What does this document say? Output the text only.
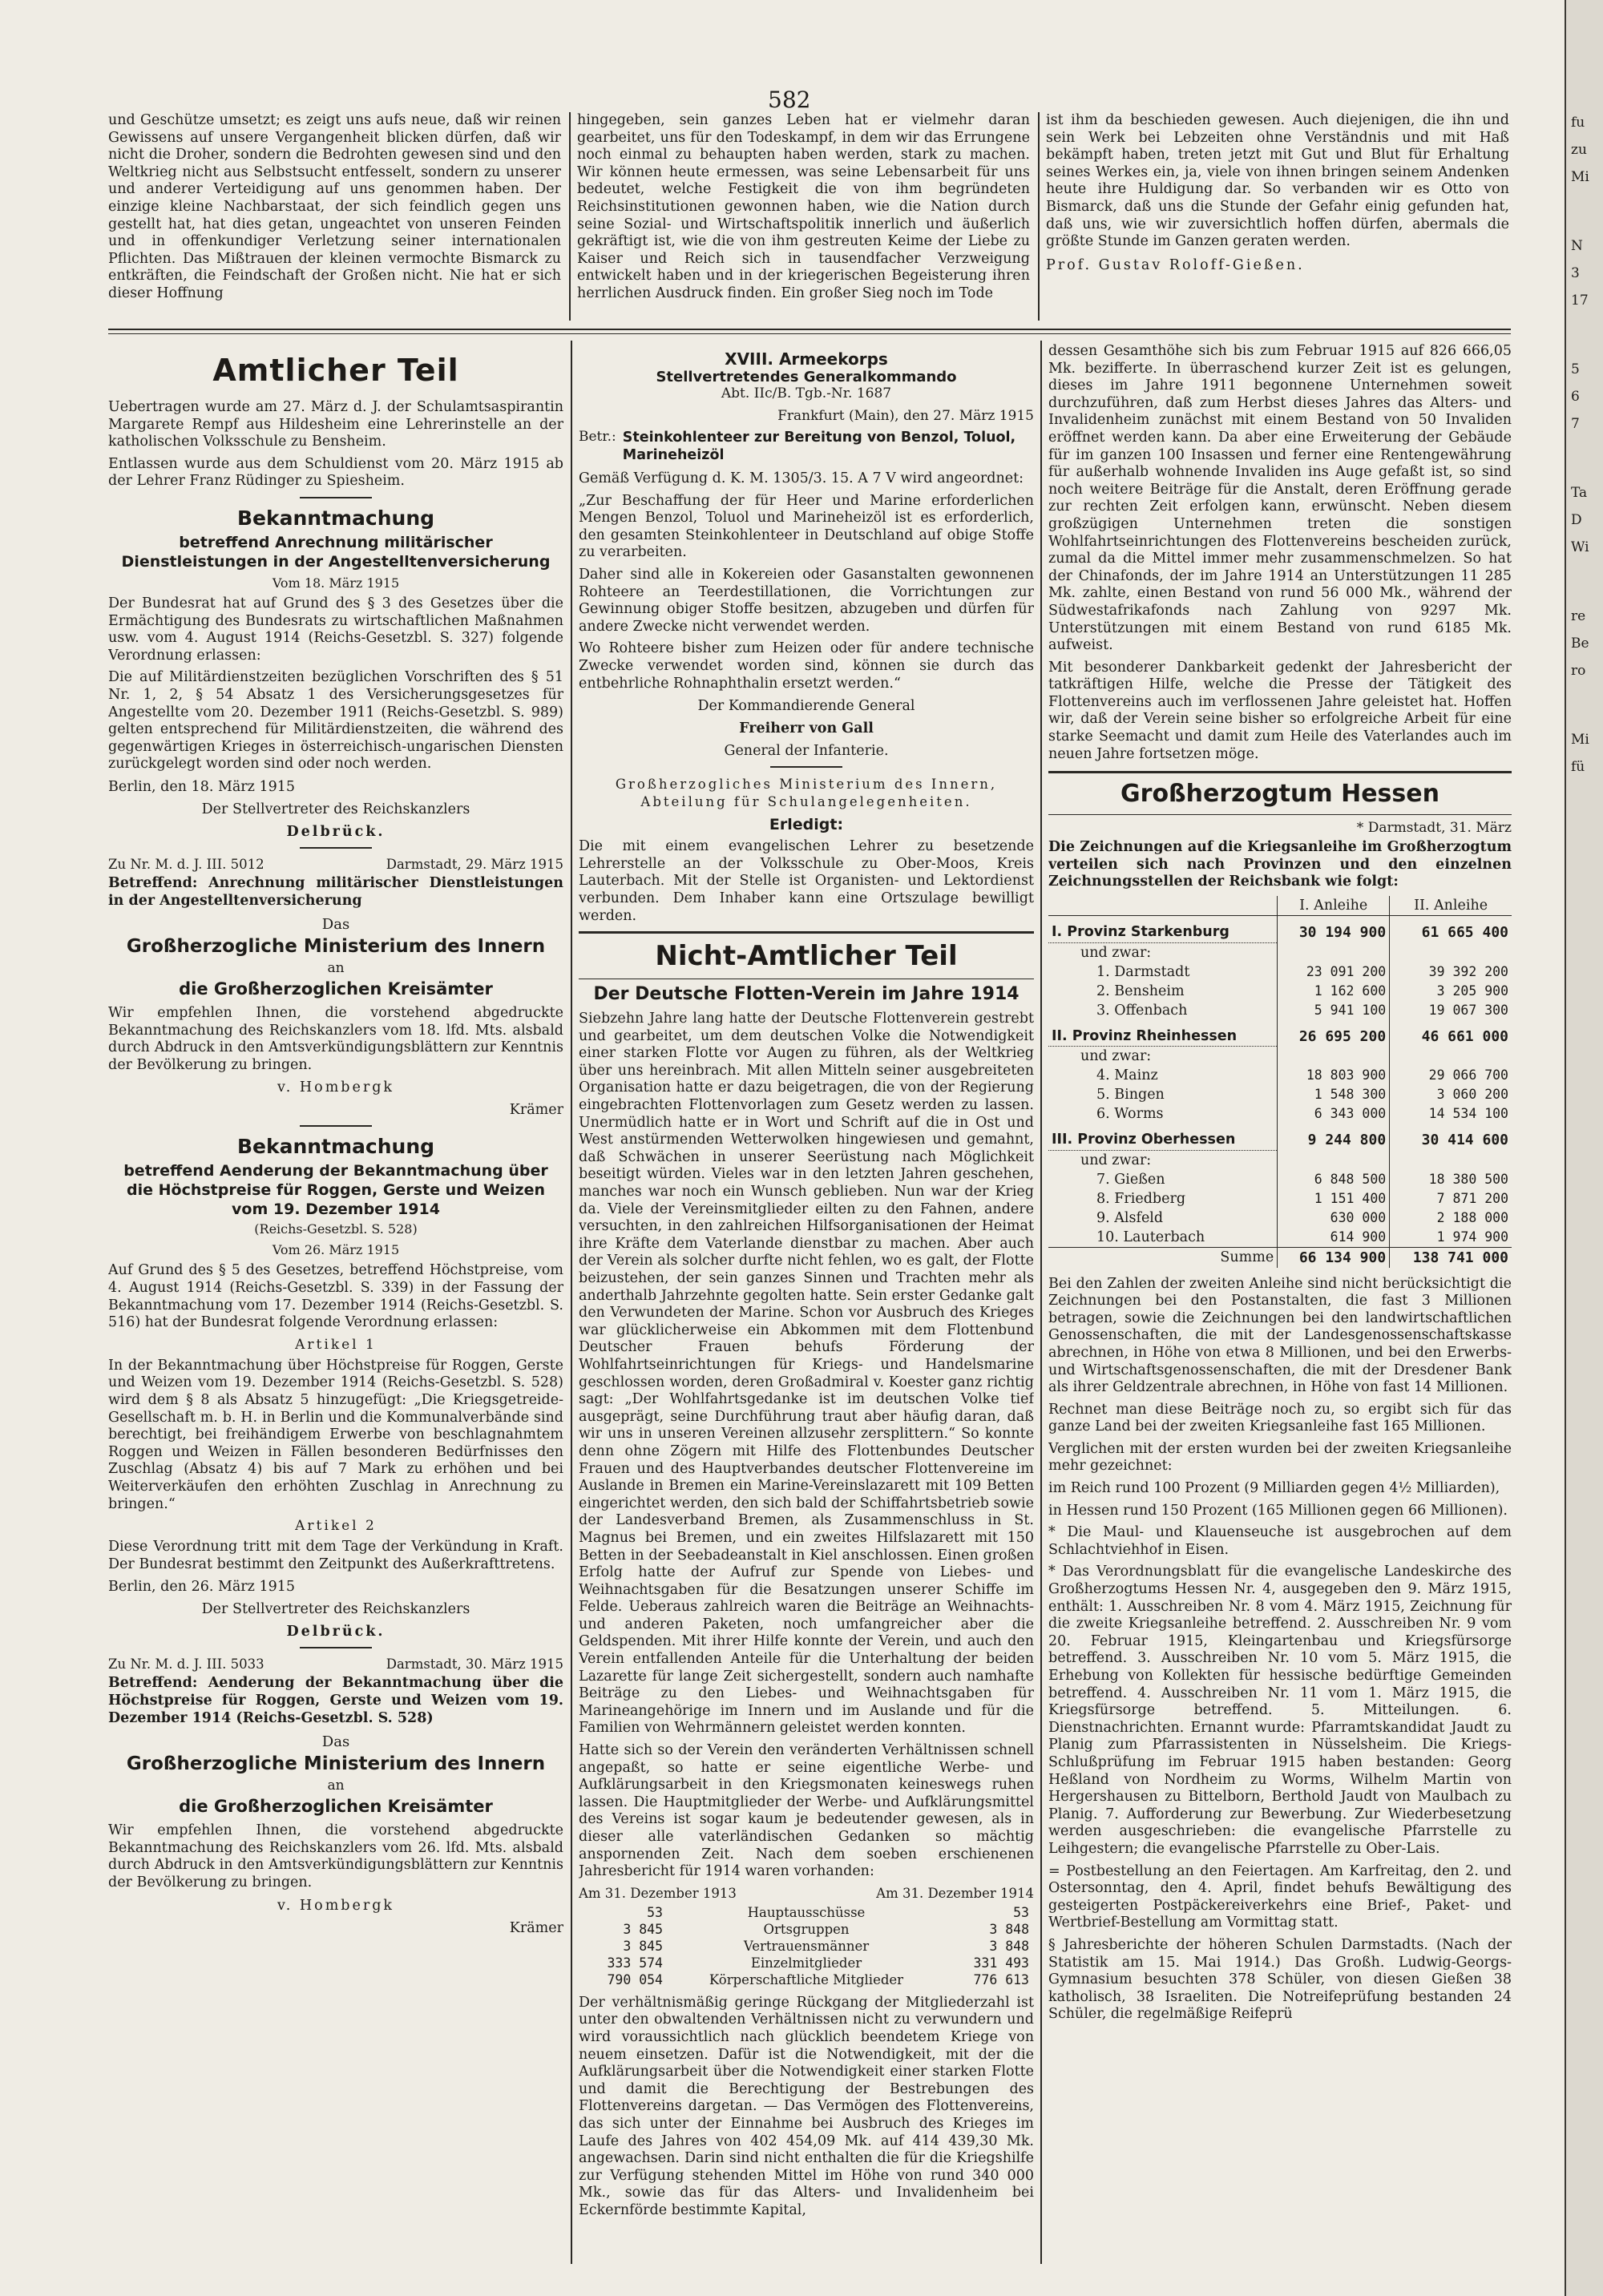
582

und Geschütze umsetzt; es zeigt uns aufs neue, daß wir reinen Gewissens auf unsere Vergangenheit blicken dürfen, daß wir nicht die Droher, sondern die Bedrohten gewesen sind und den Weltkrieg nicht aus Selbstsucht entfesselt, sondern zu unserer und anderer Verteidigung auf uns genommen haben. Der einzige kleine Nachbarstaat, der sich feindlich gegen uns gestellt hat, hat dies getan, ungeachtet von unseren Feinden und in offenkundiger Verletzung seiner internationalen Pflichten. Das Mißtrauen der kleinen vermochte Bismarck zu entkräften, die Feindschaft der Großen nicht. Nie hat er sich dieser Hoffnung

hingegeben, sein ganzes Leben hat er vielmehr daran gearbeitet, uns für den Todeskampf, in dem wir das Errungene noch einmal zu behaupten haben werden, stark zu machen. Wir können heute ermessen, was seine Lebensarbeit für uns bedeutet, welche Festigkeit die von ihm begründeten Reichsinstitutionen gewonnen haben, wie die Nation durch seine Sozial- und Wirtschaftspolitik innerlich und äußerlich gekräftigt ist, wie die von ihm gestreuten Keime der Liebe zu Kaiser und Reich sich in tausendfacher Verzweigung entwickelt haben und in der kriegerischen Begeisterung ihren herrlichen Ausdruck finden. Ein großer Sieg noch im Tode

ist ihm da beschieden gewesen. Auch diejenigen, die ihn und sein Werk bei Lebzeiten ohne Verständnis und mit Haß bekämpft haben, treten jetzt mit Gut und Blut für Erhaltung seines Werkes ein, ja, viele von ihnen bringen seinem Andenken heute ihre Huldigung dar. So verbanden wir es Otto von Bismarck, daß uns die Stunde der Gefahr einig gefunden hat, daß uns, wie wir zuversichtlich hoffen dürfen, abermals die größte Stunde im Ganzen geraten werden.

Prof. Gustav Roloff-Gießen.

Amtlicher Teil

Uebertragen wurde am 27. März d. J. der Schulamtsaspirantin Margarete Rempf aus Hildesheim eine Lehrerinstelle an der katholischen Volksschule zu Bensheim.

Entlassen wurde aus dem Schuldienst vom 20. März 1915 ab der Lehrer Franz Rüdinger zu Spiesheim.

Bekanntmachung
betreffend Anrechnung militärischer Dienstleistungen in der Angestelltenversicherung
Vom 18. März 1915

Der Bundesrat hat auf Grund des § 3 des Gesetzes über die Ermächtigung des Bundesrats zu wirtschaftlichen Maßnahmen usw. vom 4. August 1914 (Reichs-Gesetzbl. S. 327) folgende Verordnung erlassen:

Die auf Militärdienstzeiten bezüglichen Vorschriften des § 51 Nr. 1, 2, § 54 Absatz 1 des Versicherungsgesetzes für Angestellte vom 20. Dezember 1911 (Reichs-Gesetzbl. S. 989) gelten entsprechend für Militärdienstzeiten, die während des gegenwärtigen Krieges in österreichisch-ungarischen Diensten zurückgelegt worden sind oder noch werden.

Berlin, den 18. März 1915
Der Stellvertreter des Reichskanzlers
Delbrück.
Zu Nr. M. d. J. III. 5012	Darmstadt, 29. März 1915

Betreffend: Anrechnung militärischer Dienstleistungen in der Angestelltenversicherung

Das
Großherzogliche Ministerium des Innern
an
die Großherzoglichen Kreisämter

Wir empfehlen Ihnen, die vorstehend abgedruckte Bekanntmachung des Reichskanzlers vom 18. lfd. Mts. alsbald durch Abdruck in den Amtsverkündigungsblättern zur Kenntnis der Bevölkerung zu bringen.

v. Hombergk
Krämer
Bekanntmachung
betreffend Aenderung der Bekanntmachung über die Höchstpreise für Roggen, Gerste und Weizen vom 19. Dezember 1914
(Reichs-Gesetzbl. S. 528)
Vom 26. März 1915

Auf Grund des § 5 des Gesetzes, betreffend Höchstpreise, vom 4. August 1914 (Reichs-Gesetzbl. S. 339) in der Fassung der Bekanntmachung vom 17. Dezember 1914 (Reichs-Gesetzbl. S. 516) hat der Bundesrat folgende Verordnung erlassen:

Artikel 1

In der Bekanntmachung über Höchstpreise für Roggen, Gerste und Weizen vom 19. Dezember 1914 (Reichs-Gesetzbl. S. 528) wird dem § 8 als Absatz 5 hinzugefügt: „Die Kriegsgetreide-Gesellschaft m. b. H. in Berlin und die Kommunalverbände sind berechtigt, bei freihändigem Erwerbe von beschlagnahmtem Roggen und Weizen in Fällen besonderen Bedürfnisses den Zuschlag (Absatz 4) bis auf 7 Mark zu erhöhen und bei Weiterverkäufen den erhöhten Zuschlag in Anrechnung zu bringen.“

Artikel 2

Diese Verordnung tritt mit dem Tage der Verkündung in Kraft. Der Bundesrat bestimmt den Zeitpunkt des Außerkrafttretens.

Berlin, den 26. März 1915
Der Stellvertreter des Reichskanzlers
Delbrück.
Zu Nr. M. d. J. III. 5033	Darmstadt, 30. März 1915

Betreffend: Aenderung der Bekanntmachung über die Höchstpreise für Roggen, Gerste und Weizen vom 19. Dezember 1914 (Reichs-Gesetzbl. S. 528)

Das
Großherzogliche Ministerium des Innern
an
die Großherzoglichen Kreisämter

Wir empfehlen Ihnen, die vorstehend abgedruckte Bekanntmachung des Reichskanzlers vom 26. lfd. Mts. alsbald durch Abdruck in den Amtsverkündigungsblättern zur Kenntnis der Bevölkerung zu bringen.

v. Hombergk
Krämer
XVIII. Armeekorps
Stellvertretendes Generalkommando
Abt. IIc/B. Tgb.-Nr. 1687
Frankfurt (Main), den 27. März 1915
Betr.: Steinkohlenteer zur Bereitung von Benzol, Toluol, Marineheizöl

Gemäß Verfügung d. K. M. 1305/3. 15. A 7 V wird angeordnet:

„Zur Beschaffung der für Heer und Marine erforderlichen Mengen Benzol, Toluol und Marineheizöl ist es erforderlich, den gesamten Steinkohlenteer in Deutschland auf obige Stoffe zu verarbeiten.

Daher sind alle in Kokereien oder Gasanstalten gewonnenen Rohteere an Teerdestillationen, die Vorrichtungen zur Gewinnung obiger Stoffe besitzen, abzugeben und dürfen für andere Zwecke nicht verwendet werden.

Wo Rohteere bisher zum Heizen oder für andere technische Zwecke verwendet worden sind, können sie durch das entbehrliche Rohnaphthalin ersetzt werden.“

Der Kommandierende General
Freiherr von Gall
General der Infanterie.
Großherzogliches Ministerium des Innern, Abteilung für Schulangelegenheiten.
Erledigt:

Die mit einem evangelischen Lehrer zu besetzende Lehrerstelle an der Volksschule zu Ober-Moos, Kreis Lauterbach. Mit der Stelle ist Organisten- und Lektordienst verbunden. Dem Inhaber kann eine Ortszulage bewilligt werden.

Nicht-Amtlicher Teil
Der Deutsche Flotten-Verein im Jahre 1914

Siebzehn Jahre lang hatte der Deutsche Flottenverein gestrebt und gearbeitet, um dem deutschen Volke die Notwendigkeit einer starken Flotte vor Augen zu führen, als der Weltkrieg über uns hereinbrach. Mit allen Mitteln seiner ausgebreiteten Organisation hatte er dazu beigetragen, die von der Regierung eingebrachten Flottenvorlagen zum Gesetz werden zu lassen. Unermüdlich hatte er in Wort und Schrift auf die in Ost und West anstürmenden Wetterwolken hingewiesen und gemahnt, daß Schwächen in unserer Seerüstung nach Möglichkeit beseitigt würden. Vieles war in den letzten Jahren geschehen, manches war noch ein Wunsch geblieben. Nun war der Krieg da. Viele der Vereinsmitglieder eilten zu den Fahnen, andere versuchten, in den zahlreichen Hilfsorganisationen der Heimat ihre Kräfte dem Vaterlande dienstbar zu machen. Aber auch der Verein als solcher durfte nicht fehlen, wo es galt, der Flotte beizustehen, der sein ganzes Sinnen und Trachten mehr als anderthalb Jahrzehnte gegolten hatte. Sein erster Gedanke galt den Verwundeten der Marine. Schon vor Ausbruch des Krieges war glücklicherweise ein Abkommen mit dem Flottenbund Deutscher Frauen behufs Förderung der Wohlfahrtseinrichtungen für Kriegs- und Handelsmarine geschlossen worden, deren Großadmiral v. Koester ganz richtig sagt: „Der Wohlfahrtsgedanke ist im deutschen Volke tief ausgeprägt, seine Durchführung traut aber häufig daran, daß wir uns in unseren Vereinen allzusehr zersplittern.“ So konnte denn ohne Zögern mit Hilfe des Flottenbundes Deutscher Frauen und des Hauptverbandes deutscher Flottenvereine im Auslande in Bremen ein Marine-Vereinslazarett mit 109 Betten eingerichtet werden, den sich bald der Schiffahrtsbetrieb sowie der Landesverband Bremen, als Zusammenschluss in St. Magnus bei Bremen, und ein zweites Hilfslazarett mit 150 Betten in der Seebadeanstalt in Kiel anschlossen. Einen großen Erfolg hatte der Aufruf zur Spende von Liebes- und Weihnachtsgaben für die Besatzungen unserer Schiffe im Felde. Ueberaus zahlreich waren die Beiträge an Weihnachts- und anderen Paketen, noch umfangreicher aber die Geldspenden. Mit ihrer Hilfe konnte der Verein, und auch den Verein entfallenden Anteile für die Unterhaltung der beiden Lazarette für lange Zeit sichergestellt, sondern auch namhafte Beiträge zu den Liebes- und Weihnachtsgaben für Marineangehörige im Innern und im Auslande und für die Familien von Wehrmännern geleistet werden konnten.

Hatte sich so der Verein den veränderten Verhältnissen schnell angepaßt, so hatte er seine eigentliche Werbe- und Aufklärungsarbeit in den Kriegsmonaten keineswegs ruhen lassen. Die Hauptmitglieder der Werbe- und Aufklärungsmittel des Vereins ist sogar kaum je bedeutender gewesen, als in dieser alle vaterländischen Gedanken so mächtig anspornenden Zeit. Nach dem soeben erschienenen Jahresbericht für 1914 waren vorhanden:

Am 31. Dezember 1913	Am 31. Dezember 1914
53	Hauptausschüsse	53
3 845	Ortsgruppen	3 848
3 845	Vertrauensmänner	3 848
333 574	Einzelmitglieder	331 493
790 054	Körperschaftliche Mitglieder	776 613

Der verhältnismäßig geringe Rückgang der Mitgliederzahl ist unter den obwaltenden Verhältnissen nicht zu verwundern und wird voraussichtlich nach glücklich beendetem Kriege von neuem einsetzen. Dafür ist die Notwendigkeit, mit der die Aufklärungsarbeit über die Notwendigkeit einer starken Flotte und damit die Berechtigung der Bestrebungen des Flottenvereins dargetan. — Das Vermögen des Flottenvereins, das sich unter der Einnahme bei Ausbruch des Krieges im Laufe des Jahres von 402 454,09 Mk. auf 414 439,30 Mk. angewachsen. Darin sind nicht enthalten die für die Kriegshilfe zur Verfügung stehenden Mittel im Höhe von rund 340 000 Mk., sowie das für das Alters- und Invalidenheim bei Eckernförde bestimmte Kapital,

dessen Gesamthöhe sich bis zum Februar 1915 auf 826 666,05 Mk. bezifferte. In überraschend kurzer Zeit ist es gelungen, dieses im Jahre 1911 begonnene Unternehmen soweit durchzuführen, daß zum Herbst dieses Jahres das Alters- und Invalidenheim zunächst mit einem Bestand von 50 Invaliden eröffnet werden kann. Da aber eine Erweiterung der Gebäude für im ganzen 100 Insassen und ferner eine Rentengewährung für außerhalb wohnende Invaliden ins Auge gefaßt ist, so sind noch weitere Beiträge für die Anstalt, deren Eröffnung gerade zur rechten Zeit erfolgen kann, erwünscht. Neben diesem großzügigen Unternehmen treten die sonstigen Wohlfahrtseinrichtungen des Flottenvereins bescheiden zurück, zumal da die Mittel immer mehr zusammenschmelzen. So hat der Chinafonds, der im Jahre 1914 an Unterstützungen 11 285 Mk. zahlte, einen Bestand von rund 56 000 Mk., während der Südwestafrikafonds nach Zahlung von 9297 Mk. Unterstützungen mit einem Bestand von rund 6185 Mk. aufweist.

Mit besonderer Dankbarkeit gedenkt der Jahresbericht der tatkräftigen Hilfe, welche die Presse der Tätigkeit des Flottenvereins auch im verflossenen Jahre geleistet hat. Hoffen wir, daß der Verein seine bisher so erfolgreiche Arbeit für eine starke Seemacht und damit zum Heile des Vaterlandes auch im neuen Jahre fortsetzen möge.

Großherzogtum Hessen
* Darmstadt, 31. März

Die Zeichnungen auf die Kriegsanleihe im Großherzogtum verteilen sich nach Provinzen und den einzelnen Zeichnungsstellen der Reichsbank wie folgt:

	I. Anleihe	II. Anleihe
I. Provinz Starkenburg	30 194 900	61 665 400
und zwar:		
1. Darmstadt	23 091 200	39 392 200
2. Bensheim	1 162 600	3 205 900
3. Offenbach	5 941 100	19 067 300
II. Provinz Rheinhessen	26 695 200	46 661 000
und zwar:		
4. Mainz	18 803 900	29 066 700
5. Bingen	1 548 300	3 060 200
6. Worms	6 343 000	14 534 100
III. Provinz Oberhessen	9 244 800	30 414 600
und zwar:		
7. Gießen	6 848 500	18 380 500
8. Friedberg	1 151 400	7 871 200
9. Alsfeld	630 000	2 188 000
10. Lauterbach	614 900	1 974 900
Summe	66 134 900	138 741 000

Bei den Zahlen der zweiten Anleihe sind nicht berücksichtigt die Zeichnungen bei den Postanstalten, die fast 3 Millionen betragen, sowie die Zeichnungen bei den landwirtschaftlichen Genossenschaften, die mit der Landesgenossenschaftskasse abrechnen, in Höhe von etwa 8 Millionen, und bei den Erwerbs- und Wirtschaftsgenossenschaften, die mit der Dresdener Bank als ihrer Geldzentrale abrechnen, in Höhe von fast 14 Millionen.

Rechnet man diese Beiträge noch zu, so ergibt sich für das ganze Land bei der zweiten Kriegsanleihe fast 165 Millionen.

Verglichen mit der ersten wurden bei der zweiten Kriegsanleihe mehr gezeichnet:

im Reich rund 100 Prozent (9 Milliarden gegen 4½ Milliarden),

in Hessen rund 150 Prozent (165 Millionen gegen 66 Millionen).

* Die Maul- und Klauenseuche ist ausgebrochen auf dem Schlachtviehhof in Eisen.

* Das Verordnungsblatt für die evangelische Landeskirche des Großherzogtums Hessen Nr. 4, ausgegeben den 9. März 1915, enthält: 1. Ausschreiben Nr. 8 vom 4. März 1915, Zeichnung für die zweite Kriegsanleihe betreffend. 2. Ausschreiben Nr. 9 vom 20. Februar 1915, Kleingartenbau und Kriegsfürsorge betreffend. 3. Ausschreiben Nr. 10 vom 5. März 1915, die Erhebung von Kollekten für hessische bedürftige Gemeinden betreffend. 4. Ausschreiben Nr. 11 vom 1. März 1915, die Kriegsfürsorge betreffend. 5. Mitteilungen. 6. Dienstnachrichten. Ernannt wurde: Pfarramtskandidat Jaudt zu Planig zum Pfarrassistenten in Nüsselsheim. Die Kriegs-Schlußprüfung im Februar 1915 haben bestanden: Georg Heßland von Nordheim zu Worms, Wilhelm Martin von Hergershausen zu Bittelborn, Berthold Jaudt von Maulbach zu Planig. 7. Aufforderung zur Bewerbung. Zur Wiederbesetzung werden ausgeschrieben: die evangelische Pfarrstelle zu Leihgestern; die evangelische Pfarrstelle zu Ober-Lais.

= Postbestellung an den Feiertagen. Am Karfreitag, den 2. und Ostersonntag, den 4. April, findet behufs Bewältigung des gesteigerten Postpäckereiverkehrs eine Brief-, Paket- und Wertbrief-Bestellung am Vormittag statt.

§ Jahresberichte der höheren Schulen Darmstadts. (Nach der Statistik am 15. Mai 1914.) Das Großh. Ludwig-Georgs-Gymnasium besuchten 378 Schüler, von diesen Gießen 38 katholisch, 38 Israeliten. Die Notreifeprüfung bestanden 24 Schüler, die regelmäßige Reifeprü

fu
zu
Mi
N
3
17
5
6
7
Ta
D
Wi
re
Be
ro
Mi
fü
